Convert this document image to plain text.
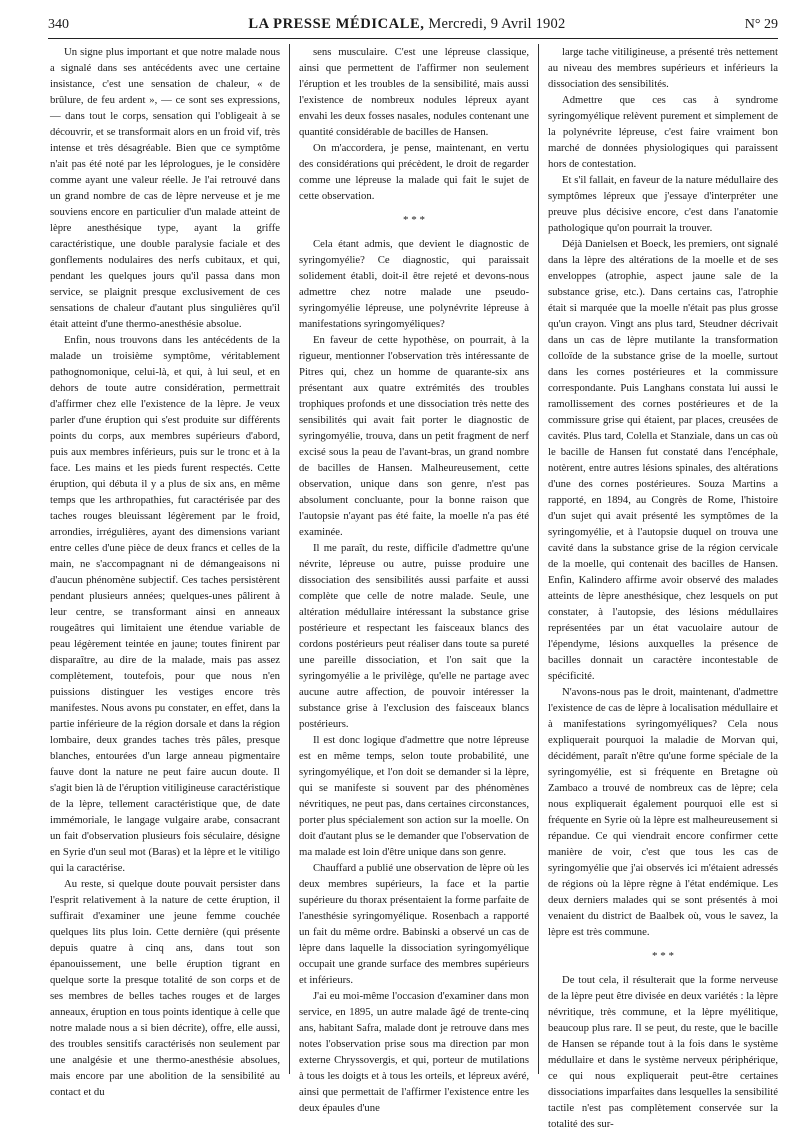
340	LA PRESSE MÉDICALE, Mercredi, 9 Avril 1902	N° 29

Un signe plus important et que notre malade nous a signalé dans ses antécédents avec une certaine insistance, c'est une sensation de chaleur, « de brûlure, de feu ardent », — ce sont ses expressions, — dans tout le corps, sensation qui l'obligeait à se découvrir, et se transformait alors en un froid vif, très intense et très désagréable. Bien que ce symptôme n'ait pas été noté par les léprologues, je le considère comme ayant une valeur réelle. Je l'ai retrouvé dans un grand nombre de cas de lèpre nerveuse et je me souviens encore en particulier d'un malade atteint de lèpre anesthésique type, ayant la griffe caractéristique, une double paralysie faciale et des gonflements nodulaires des nerfs cubitaux, et qui, pendant les quelques jours qu'il passa dans mon service, se plaignit presque exclusivement de ces sensations de chaleur d'autant plus singulières qu'il était atteint d'une thermo-anesthésie absolue.

Enfin, nous trouvons dans les antécédents de la malade un troisième symptôme, véritablement pathognomonique, celui-là, et qui, à lui seul, et en dehors de toute autre considération, permettrait d'affirmer chez elle l'existence de la lèpre. Je veux parler d'une éruption qui s'est produite sur différents points du corps, aux membres supérieurs d'abord, puis aux membres inférieurs, puis sur le tronc et à la face. Les mains et les pieds furent respectés. Cette éruption, qui débuta il y a plus de six ans, en même temps que les arthropathies, fut caractérisée par des taches rouges bleuissant légèrement par le froid, arrondies, irrégulières, ayant des dimensions variant entre celles d'une pièce de deux francs et celles de la main, ne s'accompagnant ni de démangeaisons ni d'aucun phénomène subjectif. Ces taches persistèrent pendant plusieurs années; quelques-unes pâlirent à leur centre, se transformant ainsi en anneaux rougeâtres qui limitaient une étendue variable de peau légèrement teintée en jaune; toutes finirent par disparaître, au dire de la malade, mais pas assez complètement, toutefois, pour que nous n'en puissions distinguer les vestiges encore très manifestes. Nous avons pu constater, en effet, dans la partie inférieure de la région dorsale et dans la région lombaire, deux grandes taches très pâles, presque blanches, entourées d'un large anneau pigmentaire fauve dont la nature ne peut faire aucun doute. Il s'agit bien là de l'éruption vitiligineuse caractéristique de la lèpre, tellement caractéristique que, de date immémoriale, le langage vulgaire arabe, consacrant un fait d'observation plusieurs fois séculaire, désigne en Syrie d'un seul mot (Baras) et la lèpre et le vitiligo qui la caractérise.

Au reste, si quelque doute pouvait persister dans l'esprit relativement à la nature de cette éruption, il suffirait d'examiner une jeune femme couchée quelques lits plus loin. Cette dernière (qui présente depuis quatre à cinq ans, dans tout son épanouissement, une belle éruption tigrant en quelque sorte la presque totalité de son corps et de ses membres de belles taches rouges et de larges anneaux, éruption en tous points identique à celle que notre malade nous a si bien décrite), offre, elle aussi, des troubles sensitifs caractérisés non seulement par une analgésie et une thermo-anesthésie absolues, mais encore par une abolition de la sensibilité au contact et du

sens musculaire. C'est une lépreuse classique, ainsi que permettent de l'affirmer non seulement l'éruption et les troubles de la sensibilité, mais aussi l'existence de nombreux nodules lépreux ayant envahi les deux fosses nasales, nodules contenant une quantité considérable de bacilles de Hansen.

On m'accordera, je pense, maintenant, en vertu des considérations qui précèdent, le droit de regarder comme une lépreuse la malade qui fait le sujet de cette observation.

* * *

Cela étant admis, que devient le diagnostic de syringomyélie? Ce diagnostic, qui paraissait solidement établi, doit-il être rejeté et devons-nous admettre chez notre malade une pseudo-syringomyélie lépreuse, une polynévrite lépreuse à manifestations syringomyéliques?

En faveur de cette hypothèse, on pourrait, à la rigueur, mentionner l'observation très intéressante de Pitres qui, chez un homme de quarante-six ans présentant aux quatre extrémités des troubles trophiques profonds et une dissociation très nette des sensibilités qui avait fait porter le diagnostic de syringomyélie, trouva, dans un petit fragment de nerf excisé sous la peau de l'avant-bras, un grand nombre de bacilles de Hansen. Malheureusement, cette observation, unique dans son genre, n'est pas absolument concluante, pour la bonne raison que l'autopsie n'ayant pas été faite, la moelle n'a pas été examinée.

Il me paraît, du reste, difficile d'admettre qu'une névrite, lépreuse ou autre, puisse produire une dissociation des sensibilités aussi parfaite et aussi complète que celle de notre malade. Seule, une altération médullaire intéressant la substance grise postérieure et respectant les faisceaux blancs des cordons postérieurs peut réaliser dans toute sa pureté une pareille dissociation, et l'on sait que la syringomyélie a le privilège, qu'elle ne partage avec aucune autre affection, de pouvoir intéresser la substance grise à l'exclusion des faisceaux blancs postérieurs.

Il est donc logique d'admettre que notre lépreuse est en même temps, selon toute probabilité, une syringomyélique, et l'on doit se demander si la lèpre, qui se manifeste si souvent par des phénomènes névritiques, ne peut pas, dans certaines circonstances, porter plus spécialement son action sur la moelle. On doit d'autant plus se le demander que l'observation de ma malade est loin d'être unique dans son genre.

Chauffard a publié une observation de lèpre où les deux membres supérieurs, la face et la partie supérieure du thorax présentaient la forme parfaite de l'anesthésie syringomyélique. Rosenbach a rapporté un fait du même ordre. Babinski a observé un cas de lèpre dans laquelle la dissociation syringomyélique occupait une grande surface des membres supérieurs et inférieurs.

J'ai eu moi-même l'occasion d'examiner dans mon service, en 1895, un autre malade âgé de trente-cinq ans, habitant Safra, malade dont je retrouve dans mes notes l'observation prise sous ma direction par mon externe Chryssovergis, et qui, porteur de mutilations à tous les doigts et à tous les orteils, et lépreux avéré, ainsi que permettait de l'affirmer l'existence entre les deux épaules d'une

large tache vitiligineuse, a présenté très nettement au niveau des membres supérieurs et inférieurs la dissociation des sensibilités.

Admettre que ces cas à syndrome syringomyélique relèvent purement et simplement de la polynévrite lépreuse, c'est faire vraiment bon marché de données physiologiques qui paraissent hors de contestation.

Et s'il fallait, en faveur de la nature médullaire des symptômes lépreux que j'essaye d'interpréter une preuve plus décisive encore, c'est dans l'anatomie pathologique qu'on pourrait la trouver.

Déjà Danielsen et Boeck, les premiers, ont signalé dans la lèpre des altérations de la moelle et de ses enveloppes (atrophie, aspect jaune sale de la substance grise, etc.). Dans certains cas, l'atrophie était si marquée que la moelle n'était pas plus grosse qu'un crayon. Vingt ans plus tard, Steudner décrivait dans un cas de lèpre mutilante la transformation colloïde de la substance grise de la moelle, surtout dans les cornes postérieures et la commissure correspondante. Puis Langhans constata lui aussi le ramollissement des cornes postérieures et de la commissure grise qui étaient, par places, creusées de cavités. Plus tard, Colella et Stanziale, dans un cas où le bacille de Hansen fut constaté dans l'encéphale, notèrent, entre autres lésions spinales, des altérations d'une des cornes postérieures. Souza Martins a rapporté, en 1894, au Congrès de Rome, l'histoire d'un sujet qui avait présenté les symptômes de la syringomyélie, et à l'autopsie duquel on trouva une cavité dans la substance grise de la région cervicale de la moelle, qui contenait des bacilles de Hansen. Enfin, Kalindero affirme avoir observé des malades atteints de lèpre anesthésique, chez lesquels on put constater, à l'autopsie, des lésions médullaires représentées par un état vacuolaire autour de l'épendyme, lésions auxquelles la présence de bacilles donnait un caractère incontestable de spécificité.

N'avons-nous pas le droit, maintenant, d'admettre l'existence de cas de lèpre à localisation médullaire et à manifestations syringomyéliques? Cela nous expliquerait pourquoi la maladie de Morvan qui, décidément, paraît n'être qu'une forme spéciale de la syringomyélie, est si fréquente en Bretagne où Zambaco a trouvé de nombreux cas de lèpre; cela nous expliquerait également pourquoi elle est si fréquente en Syrie où la lèpre est malheureusement si répandue. Ce qui viendrait encore confirmer cette manière de voir, c'est que tous les cas de syringomyélie que j'ai observés ici m'étaient adressés de régions où la lèpre règne à l'état endémique. Les deux derniers malades qui se sont présentés à moi venaient du district de Baalbek où, vous le savez, la lèpre est très commune.

* * *

De tout cela, il résulterait que la forme nerveuse de la lèpre peut être divisée en deux variétés : la lèpre névritique, très commune, et la lèpre myélitique, beaucoup plus rare. Il se peut, du reste, que le bacille de Hansen se répande tout à la fois dans le système médullaire et dans le système nerveux périphérique, ce qui nous expliquerait peut-être certaines dissociations imparfaites dans lesquelles la sensibilité tactile n'est pas complètement conservée sur la totalité des sur-
